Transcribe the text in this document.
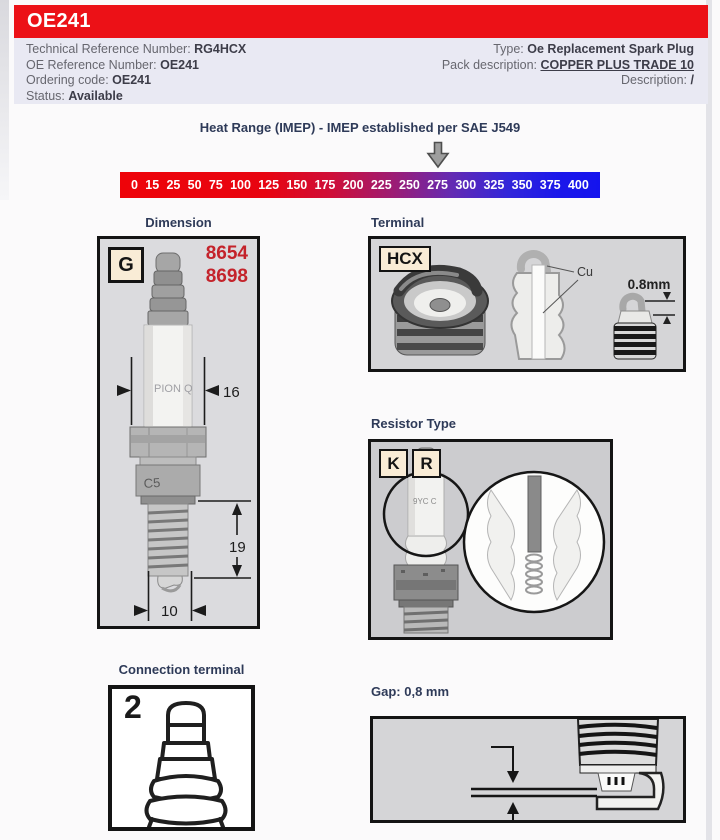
OE241
Technical Reference Number: RG4HCX
OE Reference Number: OE241
Ordering code: OE241
Status: Available
Type: Oe Replacement Spark Plug
Pack description: COPPER PLUS TRADE 10
Description: /
Heat Range (IMEP) - IMEP established per SAE J549
0 15 25 50 75 100 125 150 175 200 225 250 275 300 325 350 375 400
Dimension	Terminal
Resistor Type
Connection terminal
Gap: 0,8 mm
G	8654
8698
PION Q
C5
16
19
10
HCX
Cu
0.8mm
K	R
9YC C
2
